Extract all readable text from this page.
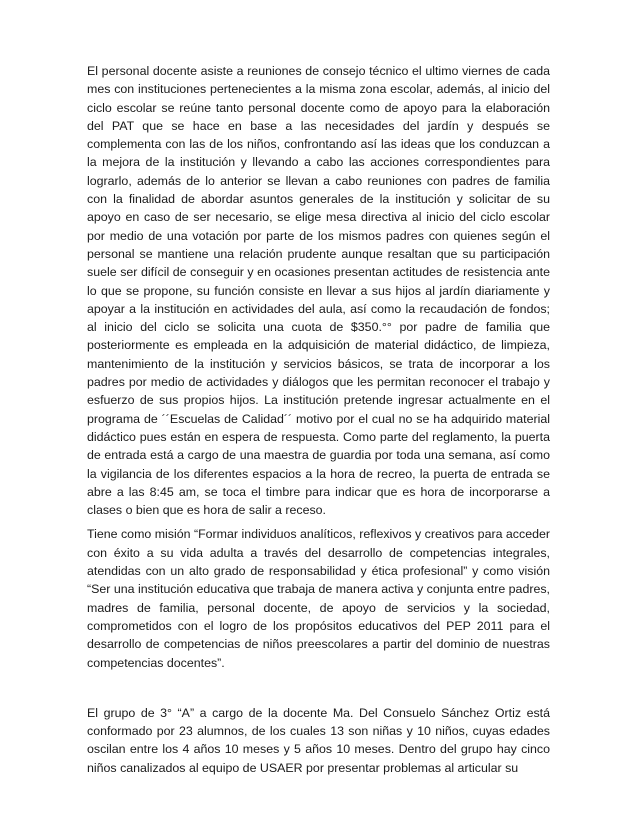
El personal docente asiste a reuniones de consejo técnico el ultimo viernes de cada mes con instituciones pertenecientes a la misma zona escolar, además, al inicio del ciclo escolar se reúne tanto personal docente como de apoyo para la elaboración del PAT que se hace en base a las necesidades del jardín y después se complementa con las de los niños, confrontando así las ideas que los conduzcan a la mejora de la institución y llevando a cabo las acciones correspondientes para lograrlo, además de lo anterior se llevan a cabo reuniones con padres de familia con la finalidad de abordar asuntos generales de la institución y solicitar de su apoyo en caso de ser necesario, se elige mesa directiva al inicio del ciclo escolar por medio de una votación por parte de los mismos padres con quienes según el personal se mantiene una relación prudente aunque resaltan que su participación suele ser difícil de conseguir y en ocasiones presentan actitudes de resistencia ante lo que se propone, su función consiste en llevar a sus hijos al jardín diariamente y apoyar a la institución en actividades del aula, así como la recaudación de fondos; al inicio del ciclo se solicita una cuota de $350.°° por padre de familia que posteriormente es empleada en la adquisición de material didáctico, de limpieza, mantenimiento de la institución y servicios básicos, se trata de incorporar a los padres por medio de actividades y diálogos que les permitan reconocer el trabajo y esfuerzo de sus propios hijos. La institución pretende ingresar actualmente en el programa de ´´Escuelas de Calidad´´ motivo por el cual no se ha adquirido material didáctico pues están en espera de respuesta. Como parte del reglamento, la puerta de entrada está a cargo de una maestra de guardia por toda una semana, así como la vigilancia de los diferentes espacios a la hora de recreo, la puerta de entrada se abre a las 8:45 am, se toca el timbre para indicar que es hora de incorporarse a clases o bien que es hora de salir a receso.

Tiene como misión “Formar individuos analíticos, reflexivos y creativos para acceder con éxito a su vida adulta a través del desarrollo de competencias integrales, atendidas con un alto grado de responsabilidad y ética profesional” y como visión “Ser una institución educativa que trabaja de manera activa y conjunta entre padres, madres de familia, personal docente, de apoyo de servicios y la sociedad, comprometidos con el logro de los propósitos educativos del PEP 2011 para el desarrollo de competencias de niños preescolares a partir del dominio de nuestras competencias docentes”.

El grupo de 3° “A” a cargo de la docente Ma. Del Consuelo Sánchez Ortiz está conformado por 23 alumnos, de los cuales 13 son niñas y 10 niños, cuyas edades oscilan entre los 4 años 10 meses y 5 años 10 meses. Dentro del grupo hay cinco niños canalizados al equipo de USAER por presentar problemas al articular su
